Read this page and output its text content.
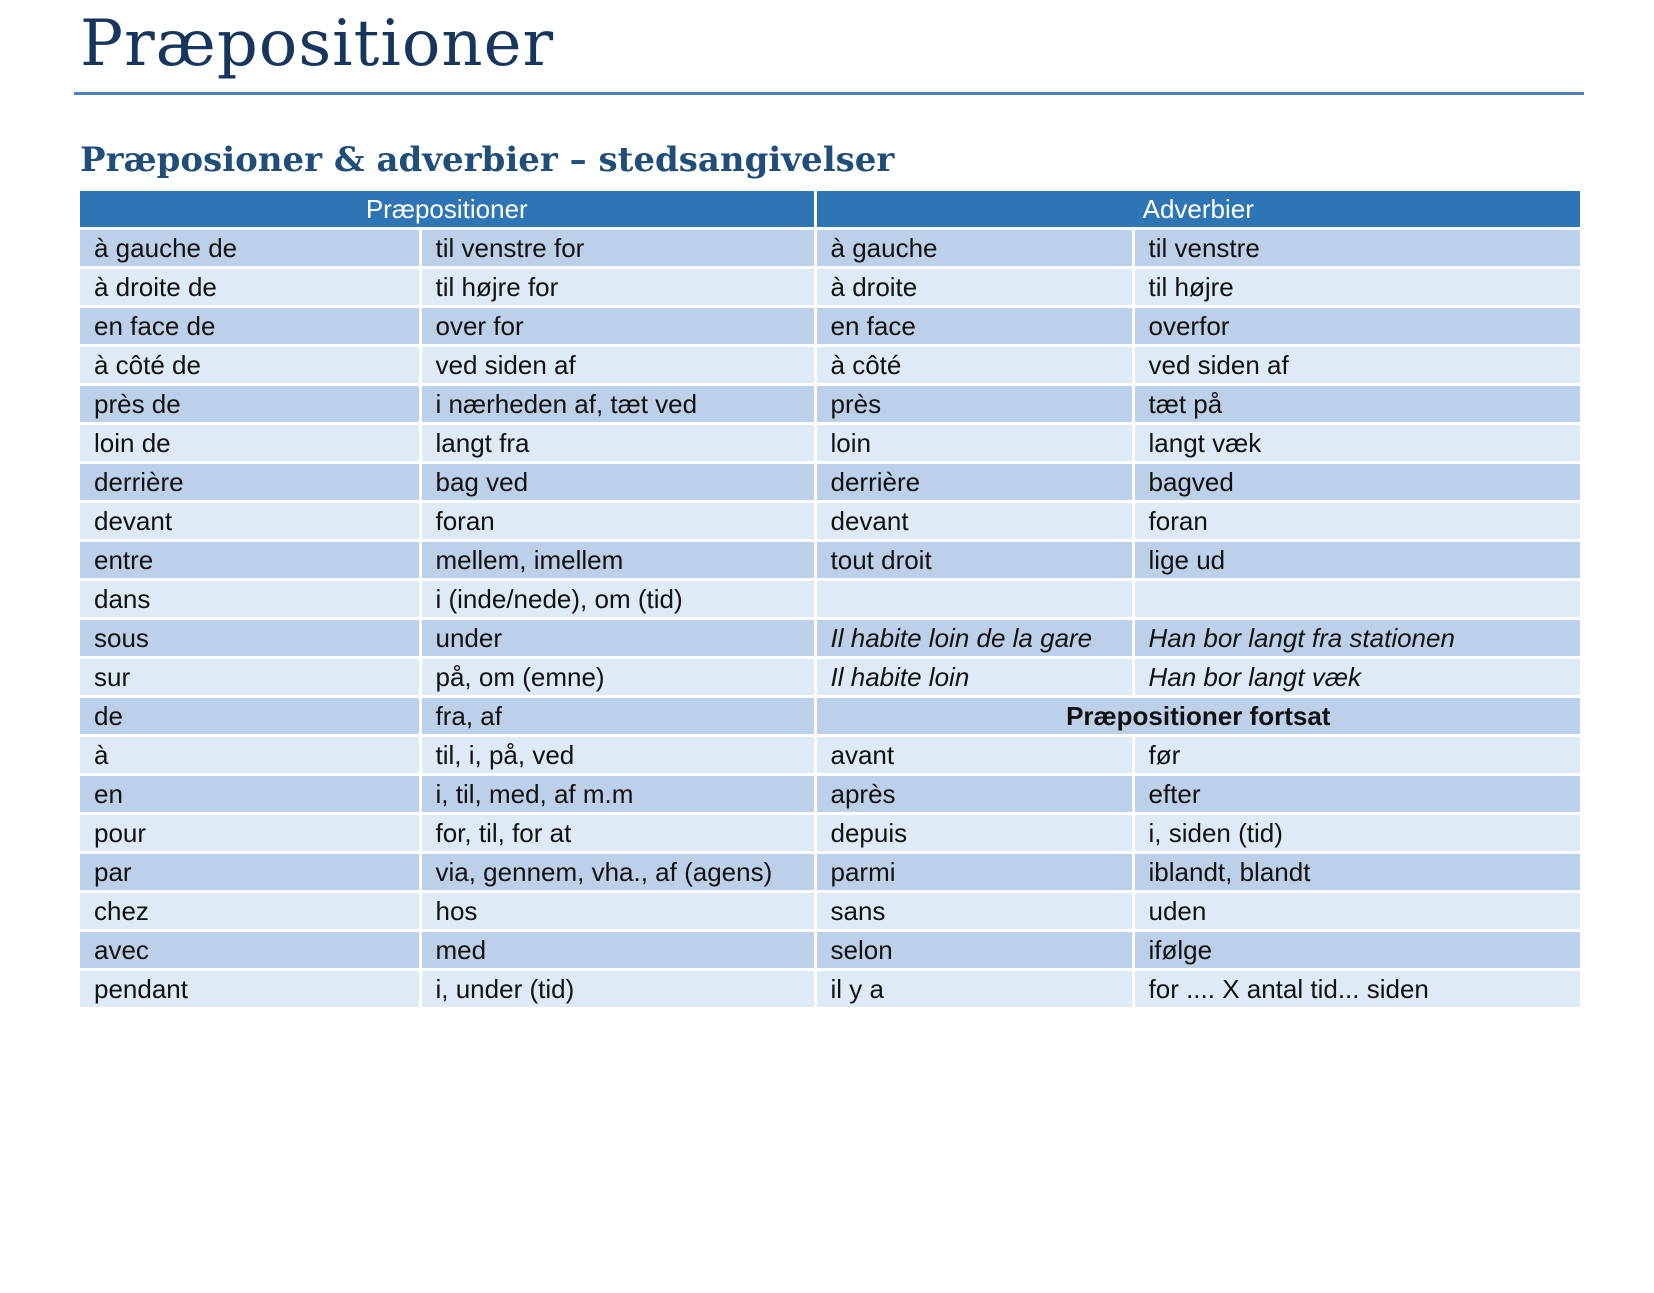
Præpositioner
Præposioner & adverbier – stedsangivelser
Præpositioner		Adverbier	
à gauche de	til venstre for	à gauche	til venstre
à droite de	til højre for	à droite	til højre
en face de	over for	en face	overfor
à côté de	ved siden af	à côté	ved siden af
près de	i nærheden af, tæt ved	près	tæt på
loin de	langt fra	loin	langt væk
derrière	bag ved	derrière	bagved
devant	foran	devant	foran
entre	mellem, imellem	tout droit	lige ud
dans	i (inde/nede), om (tid)		
sous	under	Il habite loin de la gare	Han bor langt fra stationen
sur	på, om (emne)	Il habite loin	Han bor langt væk
de	fra, af	Præpositioner fortsat	
à	til, i, på, ved	avant	før
en	i, til, med, af m.m	après	efter
pour	for, til, for at	depuis	i, siden (tid)
par	via, gennem, vha., af (agens)	parmi	iblandt, blandt
chez	hos	sans	uden
avec	med	selon	ifølge
pendant	i, under (tid)	il y a	for .... X antal tid... siden
